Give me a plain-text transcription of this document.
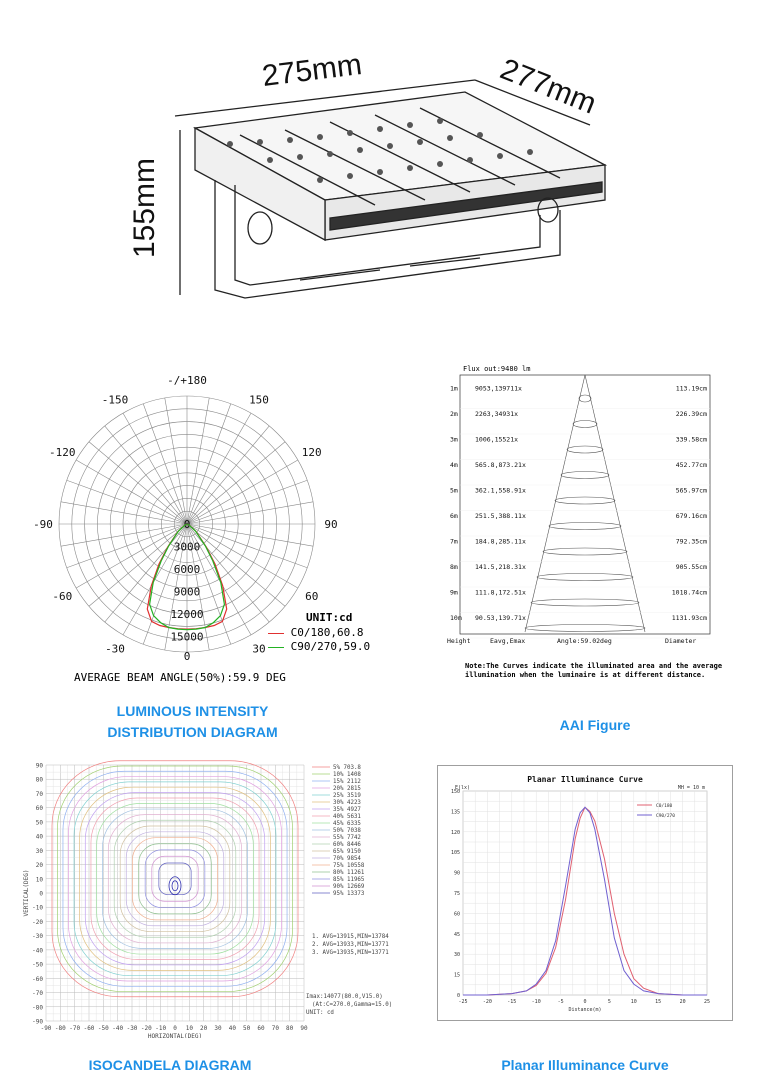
275mm	277mm
155mm
-/+180
-150	150
-120	120
-90	90
-60	60
-30	30
0
3000
6000
9000
12000
15000
0
UNIT:cd
C0/180,60.8
C90/270,59.0
AVERAGE BEAM ANGLE(50%):59.9 DEG
LUMINOUS INTENSITY
DISTRIBUTION DIAGRAM
Flux out:9480 lm
1m	9053,139711x	113.19cm
2m	2263,34931x	226.39cm
3m	1006,15521x	339.58cm
4m	565.8,873.21x	452.77cm
5m	362.1,558.91x	565.97cm
6m	251.5,388.11x	679.16cm
7m	184.8,285.11x	792.35cm
8m	141.5,218.31x	905.55cm
9m	111.8,172.51x	1018.74cm
10m 90.53,139.71x	1131.93cm
Height	Eavg,Emax	Angle:59.02deg	Diameter
Note:The Curves indicate the illuminated area and the average
illumination when the luminaire is at different distance.
AAI Figure
90
80
70
60
50
40
30
20
10
0
-10
-20
-30
-40
-50
-60
-70
-80
-90
-90 -80 -70 -60 -50 -40 -30 -20 -10 0 10 20 30 40 50 60 70 80 90
VERTICAL(DEG)
HORIZONTAL(DEG)
5% 703.8
10% 1408
15% 2112
20% 2815
25% 3519
30% 4223
35% 4927
40% 5631
45% 6335
50% 7038
55% 7742
60% 8446
65% 9150
70% 9854
75% 10558
80% 11261
85% 11965
90% 12669
95% 13373
1. AVG=13915,MIN=13784
2. AVG=13933,MIN=13771
3. AVG=13935,MIN=13771
Imax:14077(80.0,V15.0)
(At:C=270.0,Gamma=15.0)
UNIT: cd
ISOCANDELA DIAGRAM
Planar Illuminance Curve
E(lx)	MH = 10 m
150
135
120
105
90
75
60
45
30
15
0
-25	-20	-15	-10	-5	0	5	10	15	20	25
Distance(m)
C0/180
C90/270
Planar Illuminance Curve
